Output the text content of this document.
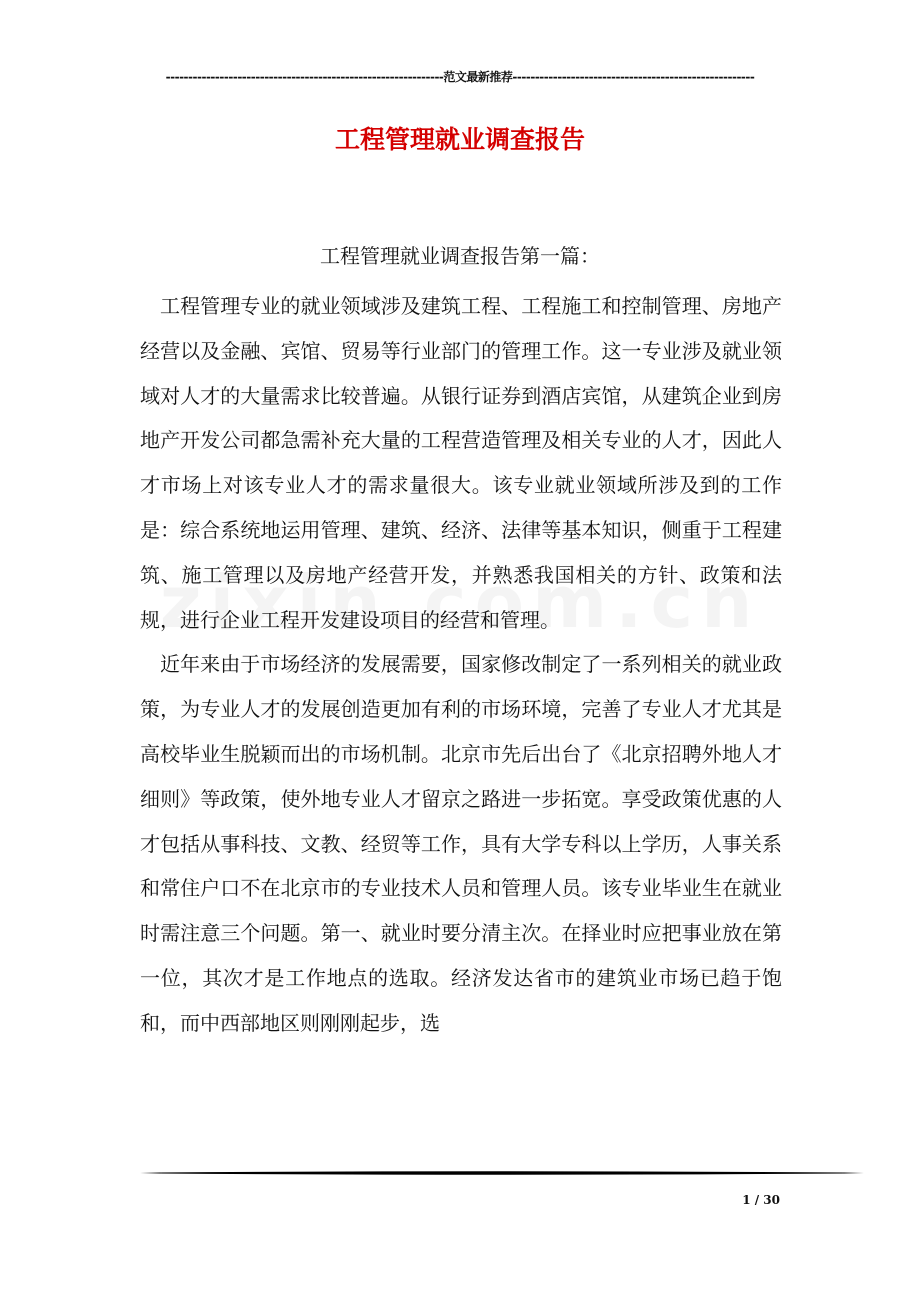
--------------------------------------------------------------范文最新推荐------------------------------------------------------
工程管理就业调查报告
工程管理就业调查报告第一篇：

工程管理专业的就业领域涉及建筑工程、工程施工和控制管理、房地产经营以及金融、宾馆、贸易等行业部门的管理工作。这一专业涉及就业领域对人才的大量需求比较普遍。从银行证券到酒店宾馆，从建筑企业到房地产开发公司都急需补充大量的工程营造管理及相关专业的人才，因此人才市场上对该专业人才的需求量很大。该专业就业领域所涉及到的工作是：综合系统地运用管理、建筑、经济、法律等基本知识，侧重于工程建筑、施工管理以及房地产经营开发，并熟悉我国相关的方针、政策和法规，进行企业工程开发建设项目的经营和管理。

近年来由于市场经济的发展需要，国家修改制定了一系列相关的就业政策，为专业人才的发展创造更加有利的市场环境，完善了专业人才尤其是高校毕业生脱颖而出的市场机制。北京市先后出台了《北京招聘外地人才细则》等政策，使外地专业人才留京之路进一步拓宽。享受政策优惠的人才包括从事科技、文教、经贸等工作，具有大学专科以上学历，人事关系和常住户口不在北京市的专业技术人员和管理人员。该专业毕业生在就业时需注意三个问题。第一、就业时要分清主次。在择业时应把事业放在第一位，其次才是工作地点的选取。经济发达省市的建筑业市场已趋于饱和，而中西部地区则刚刚起步，选

1 / 30
